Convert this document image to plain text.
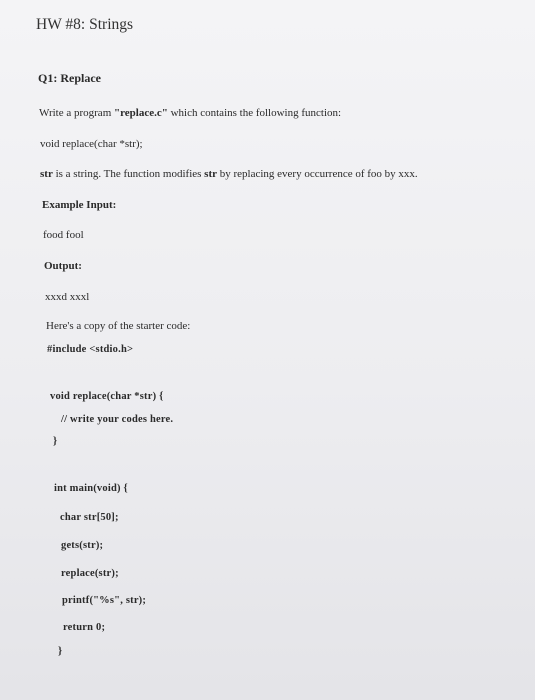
HW #8: Strings
Q1: Replace
Write a program "replace.c" which contains the following function:
void replace(char *str);
str is a string. The function modifies str by replacing every occurrence of foo by xxx.
Example Input:
food fool
Output:
xxxd xxxl
Here's a copy of the starter code:
#include <stdio.h>
void replace(char *str) {
// write your codes here.
}
int main(void) {
char str[50];
gets(str);
replace(str);
printf("%s", str);
return 0;
}
